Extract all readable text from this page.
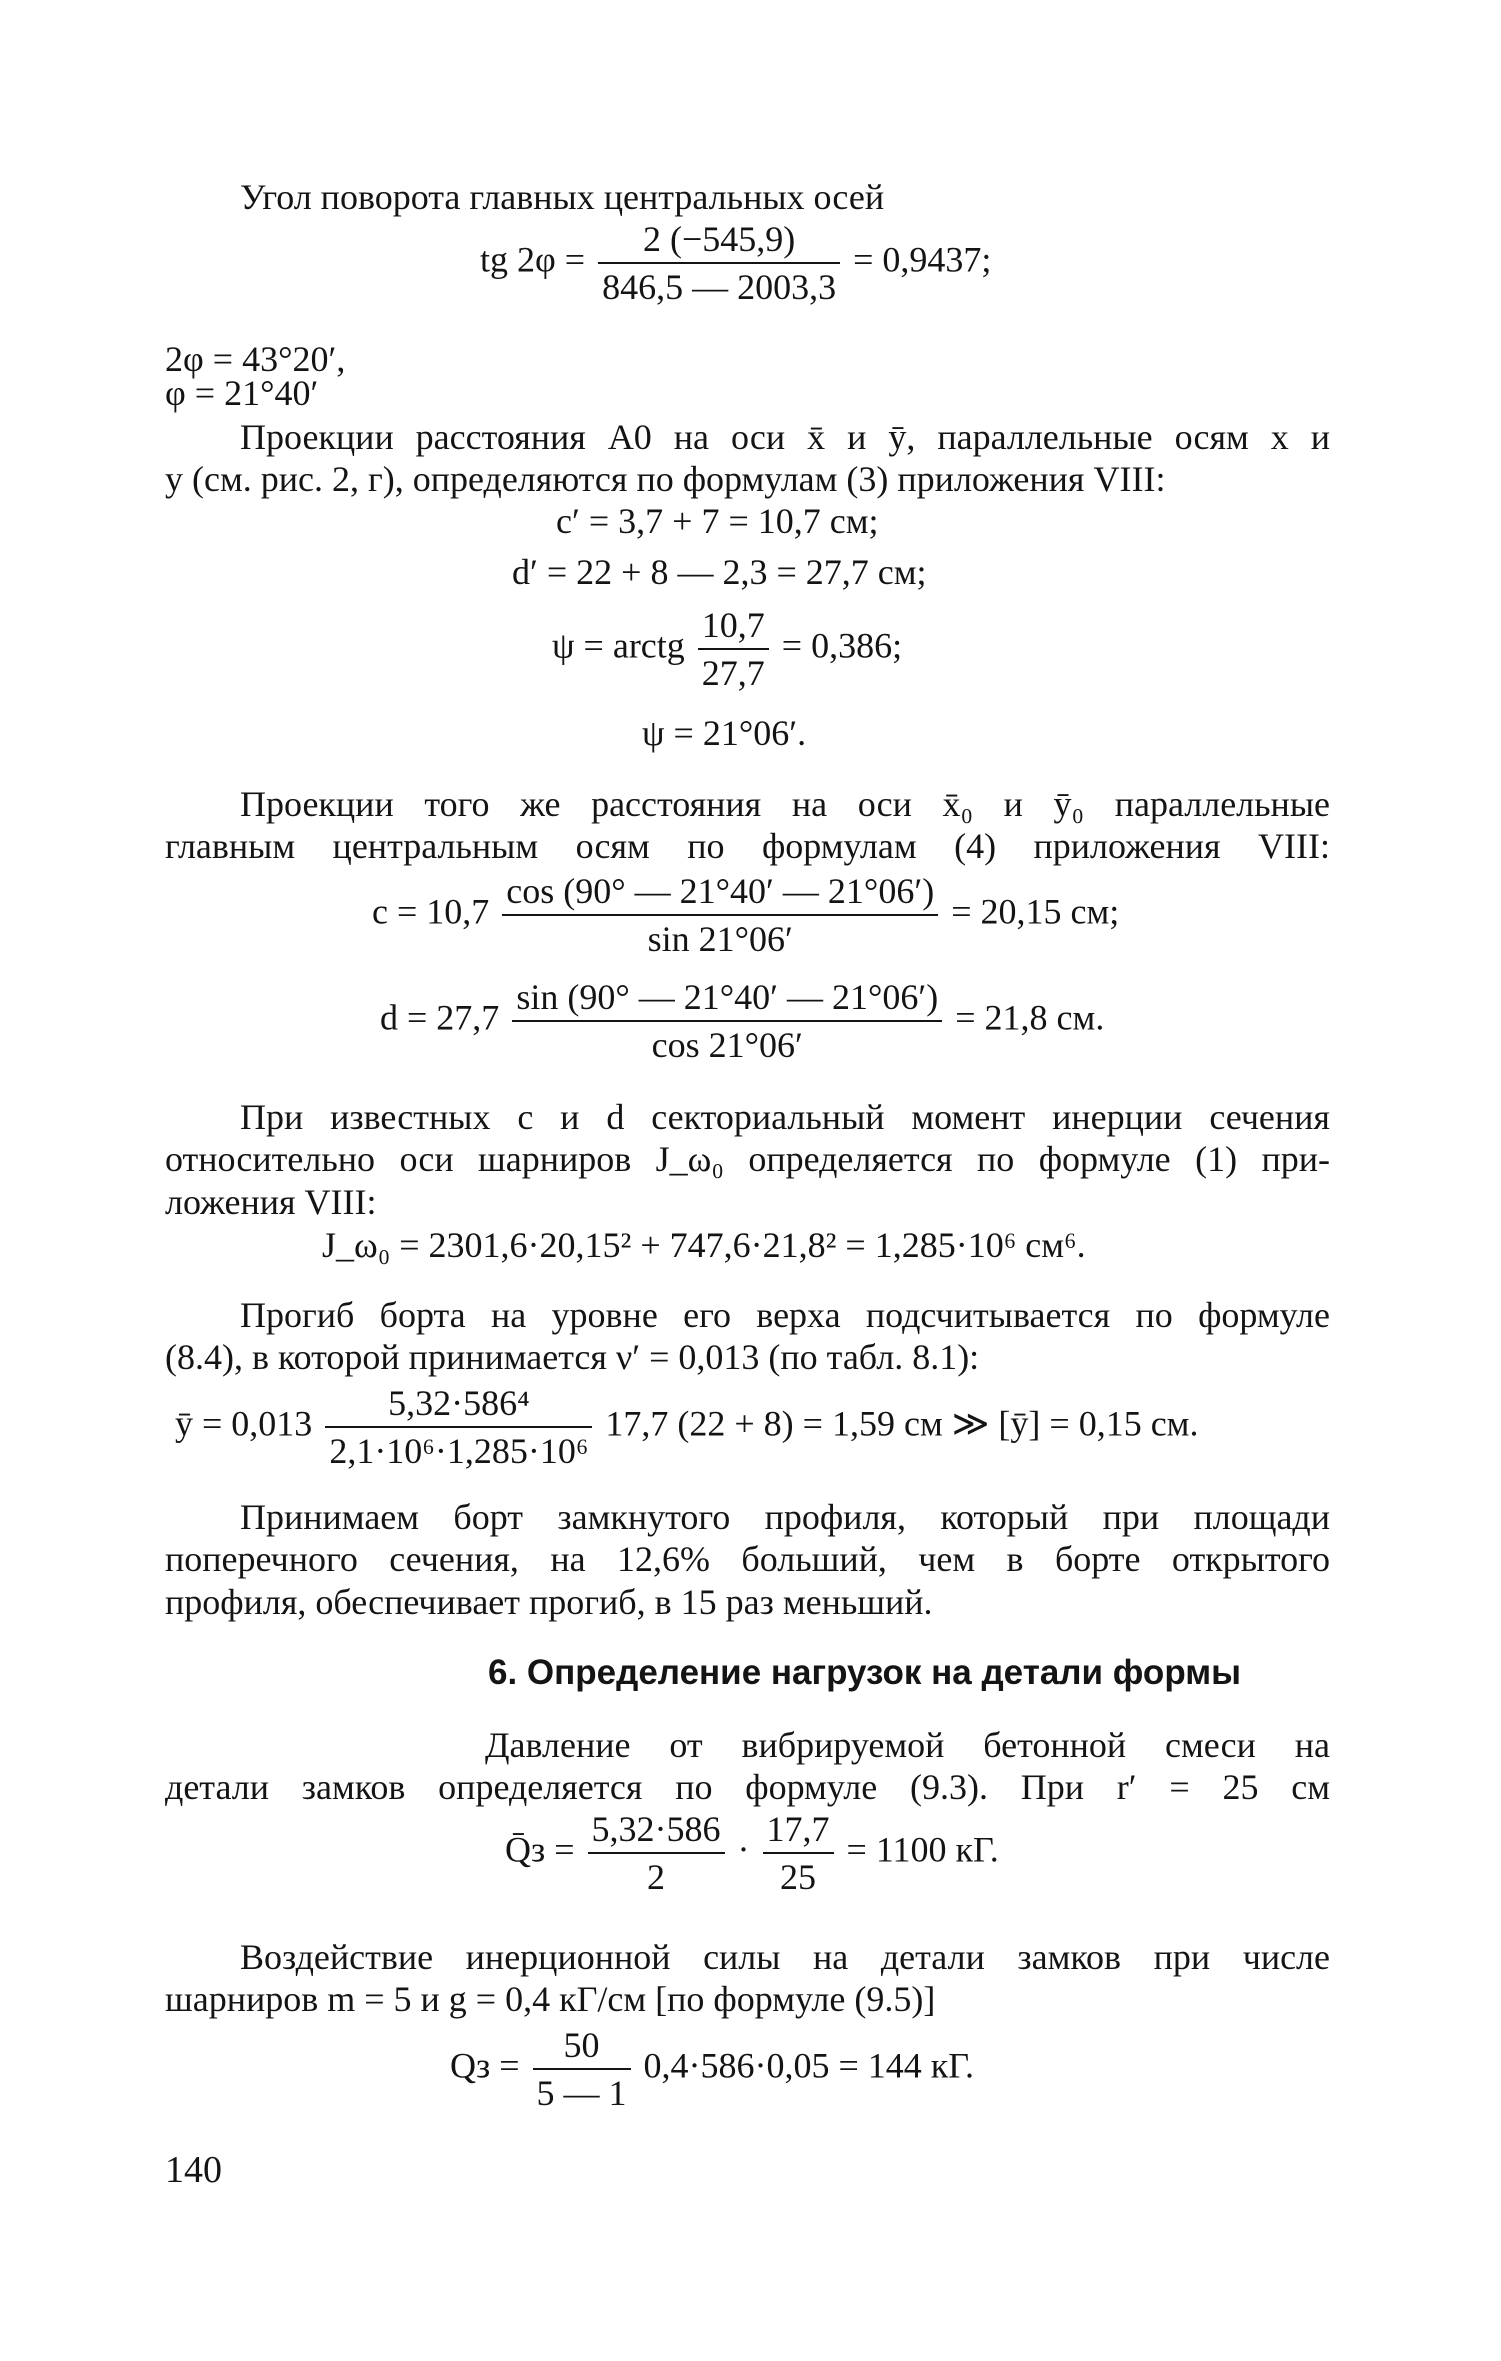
Угол поворота главных центральных осей
tg $2\varphi = \frac{2 (-545,9)}{846,5 — 2003,3} = 0,9437$;
2φ = 43°20′,
φ = 21°40′
Проекции расстояния А0 на оси x̄ и ȳ, параллельные осям x и
y (см. рис. 2, г), определяются по формулам (3) приложения VIII:
c′ = 3,7 + 7 = 10,7 см;
d′ = 22 + 8 — 2,3 = 27,7 см;
ψ = arctg $\frac{10,7}{27,7} = 0,386$;
ψ = 21°06′.
Проекции того же расстояния на оси x̄₀ и ȳ₀ параллельные
главным центральным осям по формулам (4) приложения VIII:
$c = 10,7 \frac{\cos (90^\circ — 21^\circ 40' — 21^\circ 06')}{\sin 21^\circ 06'} = 20,15$ см;
$d = 27,7 \frac{\sin (90^\circ — 21^\circ 40' — 21^\circ 06')}{\cos 21^\circ 06'} = 21,8$ см.
При известных c и d секториальный момент инерции сечения
относительно оси шарниров J_ω₀ определяется по формуле (1) при-
ложения VIII:
J_ω₀ = 2301,6·20,15² + 747,6·21,8² = 1,285·10⁶ см⁶.
Прогиб борта на уровне его верха подсчитывается по формуле
(8.4), в которой принимается ν′ = 0,013 (по табл. 8.1):
ȳ = $0,013 \frac{\text{5,32·586⁴}}{\text{2,1·10⁶·1,285·10⁶}} 17,7$ (22 + 8) = 1,59 см ≫ [ȳ] = 0,15 см.
Принимаем борт замкнутого профиля, который при площади
поперечного сечения, на 12,6% больший, чем в борте открытого
профиля, обеспечивает прогиб, в 15 раз меньший.
6. Определение нагрузок на детали формы
Давление от вибрируемой бетонной смеси на
детали замков определяется по формуле (9.3). При r′ = 25 см
Q̄з = $\frac{5,32\cdot 586}{2} \cdot \frac{17,7}{25} = 1100$ кГ.
Воздействие инерционной силы на детали замков при числе
шарниров m = 5 и g = 0,4 кГ/см [по формуле (9.5)]
Qз = $\frac{50}{5 — 1} 0,4\cdot 586\cdot 0,05 = 144$ кГ.
140
